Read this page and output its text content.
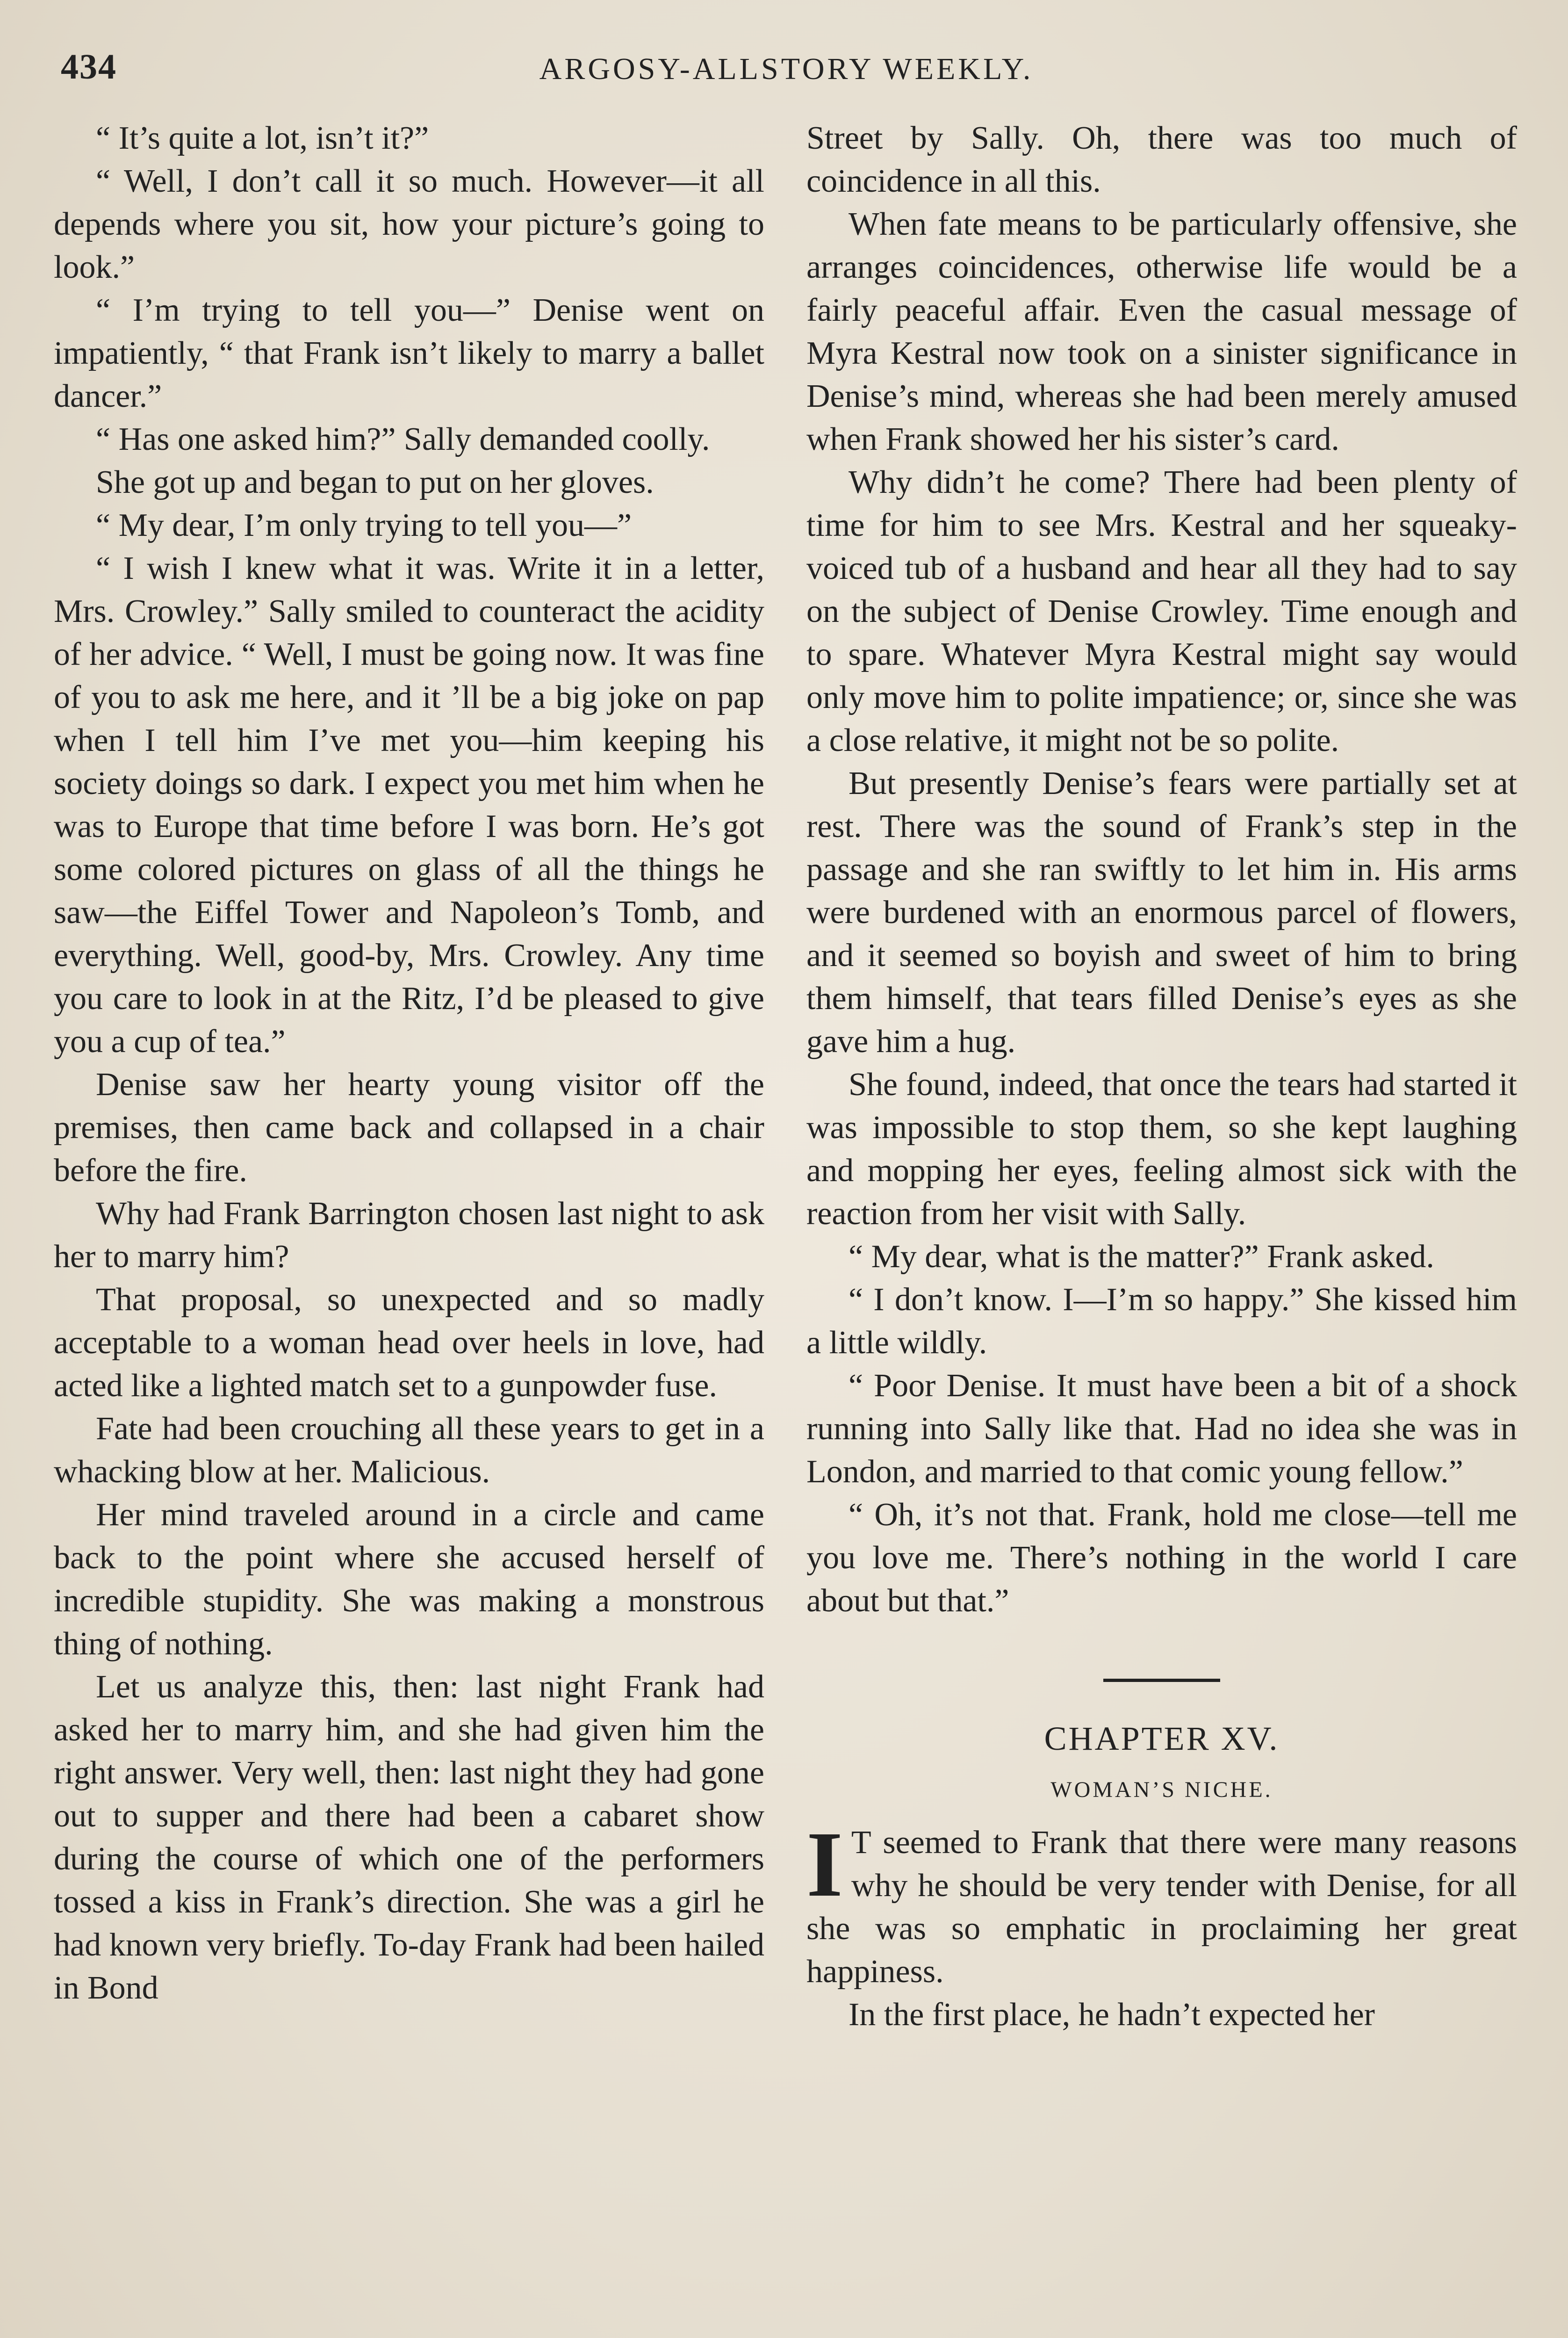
434	ARGOSY-ALLSTORY WEEKLY.

“ It’s quite a lot, isn’t it?”

“ Well, I don’t call it so much. However—it all depends where you sit, how your picture’s going to look.”

“ I’m trying to tell you—” Denise went on impatiently, “ that Frank isn’t likely to marry a ballet dancer.”

“ Has one asked him?” Sally demanded coolly.

She got up and began to put on her gloves.

“ My dear, I’m only trying to tell you—”

“ I wish I knew what it was. Write it in a letter, Mrs. Crowley.” Sally smiled to counteract the acidity of her advice. “ Well, I must be going now. It was fine of you to ask me here, and it ’ll be a big joke on pap when I tell him I’ve met you—him keeping his society doings so dark. I expect you met him when he was to Europe that time before I was born. He’s got some colored pictures on glass of all the things he saw—the Eiffel Tower and Napoleon’s Tomb, and everything. Well, good-by, Mrs. Crowley. Any time you care to look in at the Ritz, I’d be pleased to give you a cup of tea.”

Denise saw her hearty young visitor off the premises, then came back and collapsed in a chair before the fire.

Why had Frank Barrington chosen last night to ask her to marry him?

That proposal, so unexpected and so madly acceptable to a woman head over heels in love, had acted like a lighted match set to a gunpowder fuse.

Fate had been crouching all these years to get in a whacking blow at her. Malicious.

Her mind traveled around in a circle and came back to the point where she accused herself of incredible stupidity. She was making a monstrous thing of nothing.

Let us analyze this, then: last night Frank had asked her to marry him, and she had given him the right answer. Very well, then: last night they had gone out to supper and there had been a cabaret show during the course of which one of the performers tossed a kiss in Frank’s direction. She was a girl he had known very briefly. To-day Frank had been hailed in Bond

Street by Sally. Oh, there was too much of coincidence in all this.

When fate means to be particularly offensive, she arranges coincidences, otherwise life would be a fairly peaceful affair. Even the casual message of Myra Kestral now took on a sinister significance in Denise’s mind, whereas she had been merely amused when Frank showed her his sister’s card.

Why didn’t he come? There had been plenty of time for him to see Mrs. Kestral and her squeaky-voiced tub of a husband and hear all they had to say on the subject of Denise Crowley. Time enough and to spare. Whatever Myra Kestral might say would only move him to polite impatience; or, since she was a close relative, it might not be so polite.

But presently Denise’s fears were partially set at rest. There was the sound of Frank’s step in the passage and she ran swiftly to let him in. His arms were burdened with an enormous parcel of flowers, and it seemed so boyish and sweet of him to bring them himself, that tears filled Denise’s eyes as she gave him a hug.

She found, indeed, that once the tears had started it was impossible to stop them, so she kept laughing and mopping her eyes, feeling almost sick with the reaction from her visit with Sally.

“ My dear, what is the matter?” Frank asked.

“ I don’t know. I—I’m so happy.” She kissed him a little wildly.

“ Poor Denise. It must have been a bit of a shock running into Sally like that. Had no idea she was in London, and married to that comic young fellow.”

“ Oh, it’s not that. Frank, hold me close—tell me you love me. There’s nothing in the world I care about but that.”

CHAPTER XV.
WOMAN’S NICHE.

I T seemed to Frank that there were many reasons why he should be very tender with Denise, for all she was so emphatic in proclaiming her great happiness.

In the first place, he hadn’t expected her
